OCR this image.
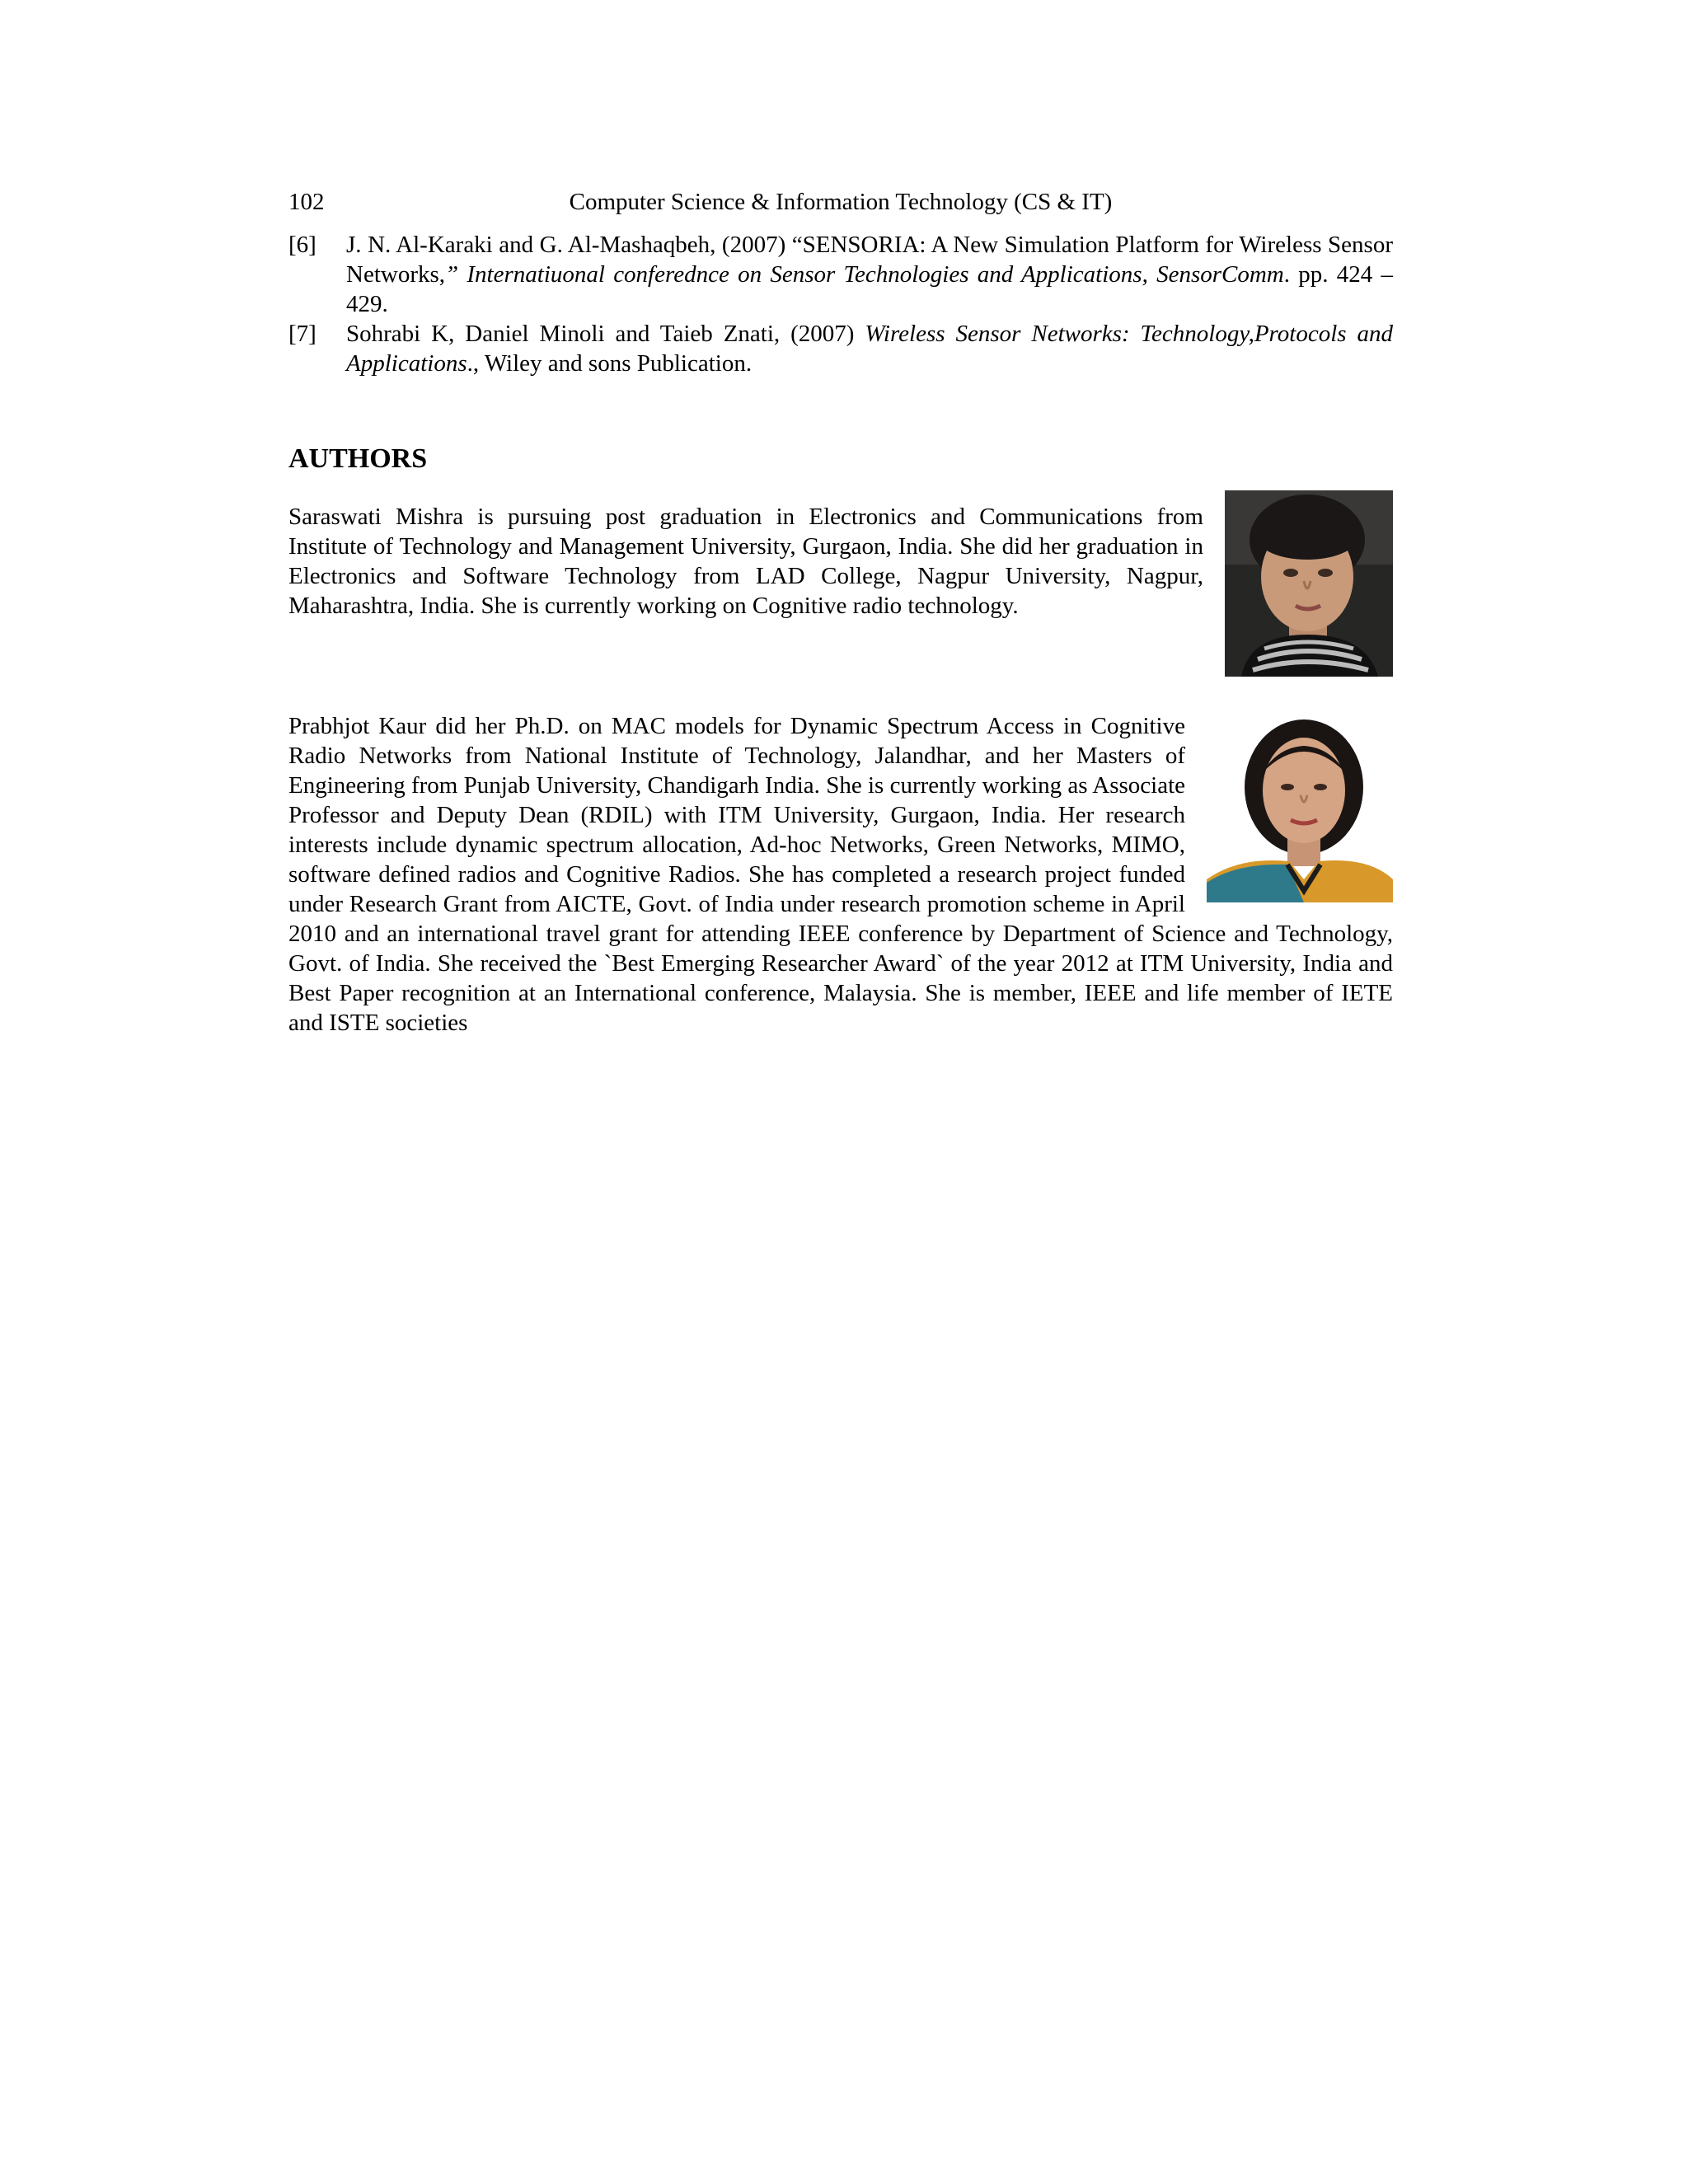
102	Computer Science & Information Technology (CS & IT)
[6] J. N. Al-Karaki and G. Al-Mashaqbeh, (2007) “SENSORIA: A New Simulation Platform for Wireless Sensor Networks,” Internatiuonal conferednce on Sensor Technologies and Applications, SensorComm. pp. 424 – 429.
[7] Sohrabi K, Daniel Minoli and Taieb Znati, (2007) Wireless Sensor Networks: Technology,Protocols and Applications., Wiley and sons Publication.
AUTHORS
Saraswati Mishra is pursuing post graduation in Electronics and Communications from Institute of Technology and Management University, Gurgaon, India. She did her graduation in Electronics and Software Technology from LAD College, Nagpur University, Nagpur, Maharashtra, India. She is currently working on Cognitive radio technology.
Prabhjot Kaur did her Ph.D. on MAC models for Dynamic Spectrum Access in Cognitive Radio Networks from National Institute of Technology, Jalandhar, and her Masters of Engineering from Punjab University, Chandigarh India. She is currently working as Associate Professor and Deputy Dean (RDIL) with ITM University, Gurgaon, India. Her research interests include dynamic spectrum allocation, Ad-hoc Networks, Green Networks, MIMO, software defined radios and Cognitive Radios. She has completed a research project funded under Research Grant from AICTE, Govt. of India under research promotion scheme in April 2010 and an international travel grant for attending IEEE conference by Department of Science and Technology, Govt. of India. She received the `Best Emerging Researcher Award` of the year 2012 at ITM University, India and Best Paper recognition at an International conference, Malaysia. She is member, IEEE and life member of IETE and ISTE societies
